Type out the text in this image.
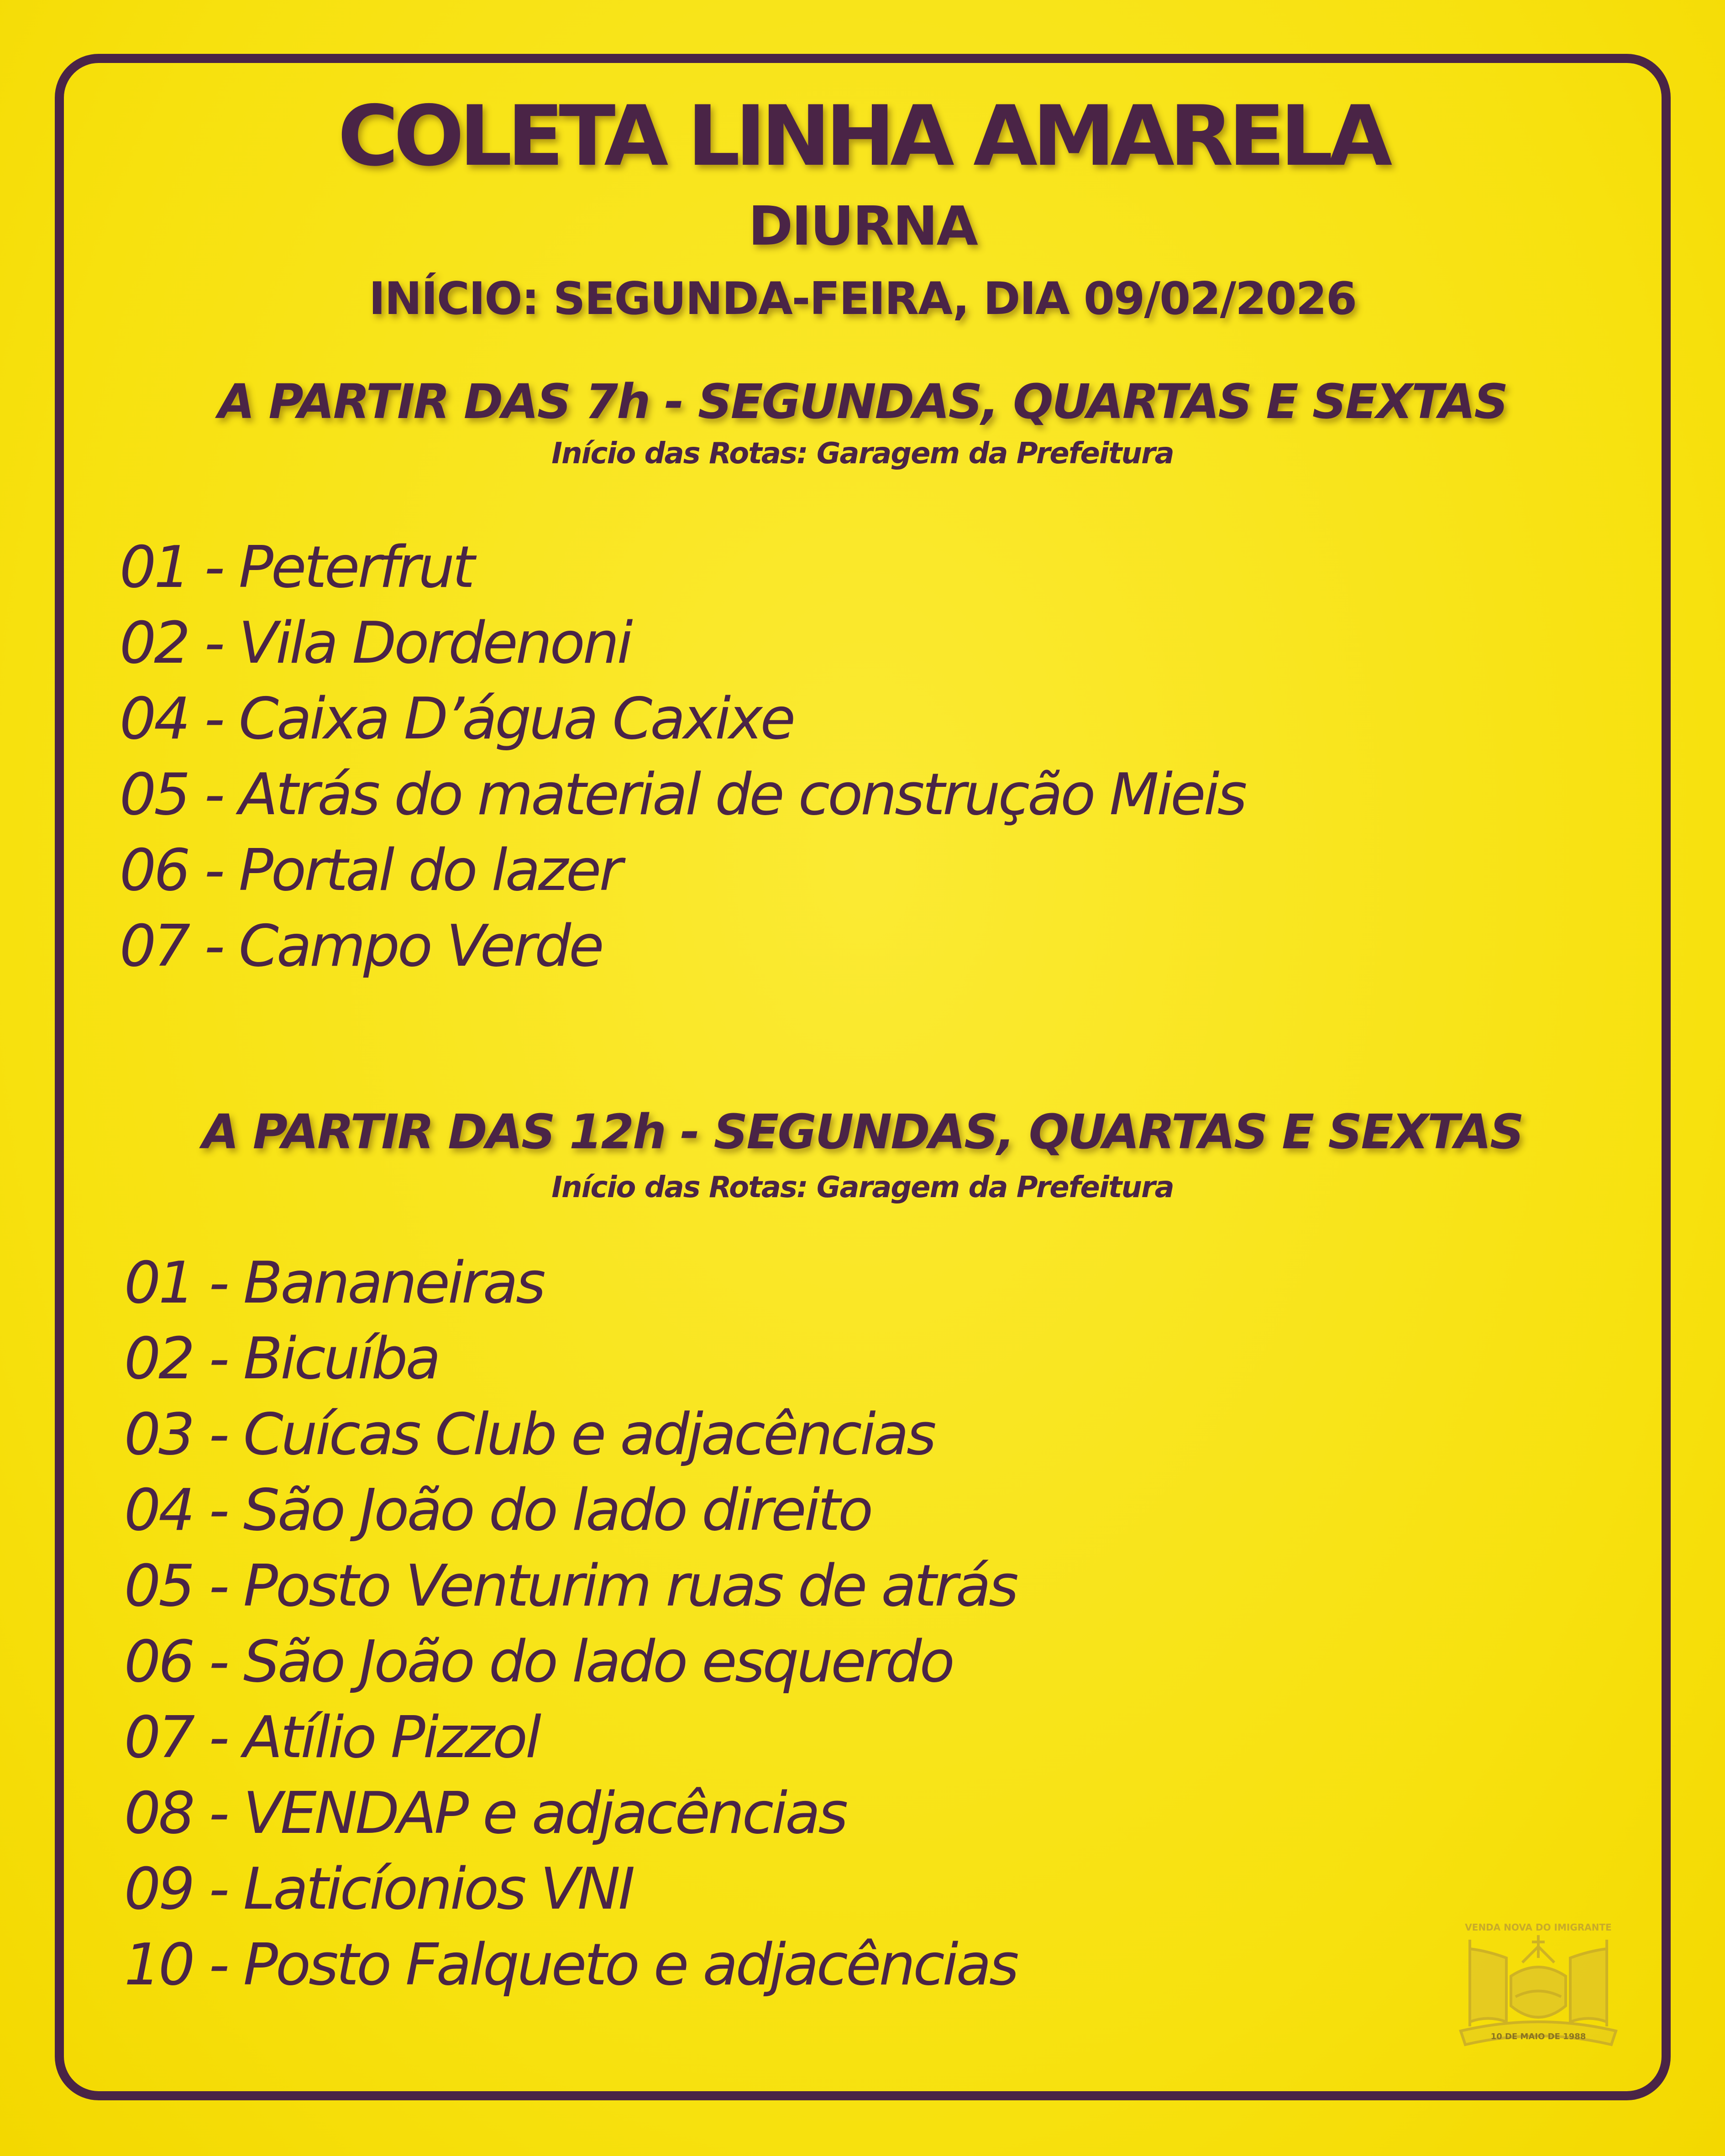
COLETA LINHA AMARELA
DIURNA
INÍCIO: SEGUNDA-FEIRA, DIA 09/02/2026
A PARTIR DAS 7h - SEGUNDAS, QUARTAS E SEXTAS
Início das Rotas: Garagem da Prefeitura
01 - Peterfrut
02 - Vila Dordenoni
04 - Caixa D’água Caxixe
05 - Atrás do material de construção Mieis
06 - Portal do lazer
07 - Campo Verde
A PARTIR DAS 12h - SEGUNDAS, QUARTAS E SEXTAS
Início das Rotas: Garagem da Prefeitura
01 - Bananeiras
02 - Bicuíba
03 - Cuícas Club e adjacências
04 - São João do lado direito
05 - Posto Venturim ruas de atrás
06 - São João do lado esquerdo
07 - Atílio Pizzol
08 - VENDAP e adjacências
09 - Laticíonios VNI
10 - Posto Falqueto e adjacências
VENDA NOVA DO IMIGRANTE
10 DE MAIO DE 1988
